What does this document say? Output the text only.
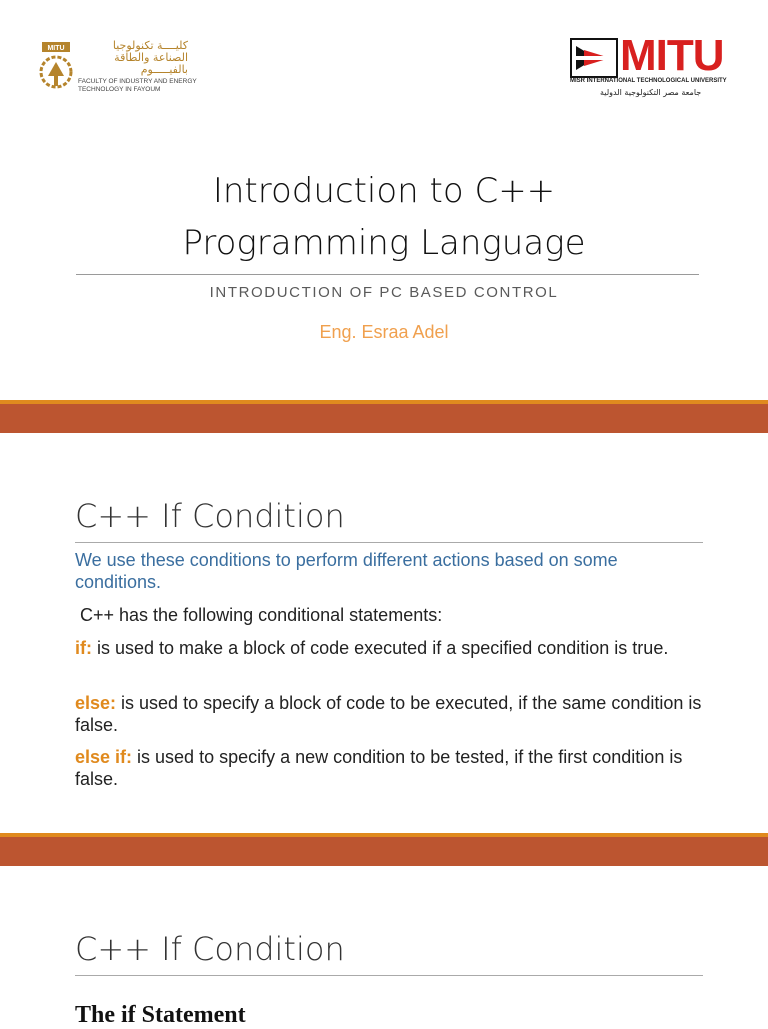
MITU	كليــــة تكنولوجيا الصناعة والطاقة بالفيـــــوم
FACULTY OF INDUSTRY AND ENERGY TECHNOLOGY IN FAYOUM
MITU
MISR INTERNATIONAL TECHNOLOGICAL UNIVERSITY
جامعة مصر التكنولوجية الدولية
Introduction to C++
Programming Language
INTRODUCTION OF PC BASED CONTROL
Eng. Esraa Adel
C++ If Condition
We use these conditions to perform different actions based on some conditions.
C++ has the following conditional statements:
if: is used to make a block of code executed if a specified condition is true.
else: is used to specify a block of code to be executed, if the same condition is false.
else if: is used to specify a new condition to be tested, if the first condition is false.
C++ If Condition
The if Statement
